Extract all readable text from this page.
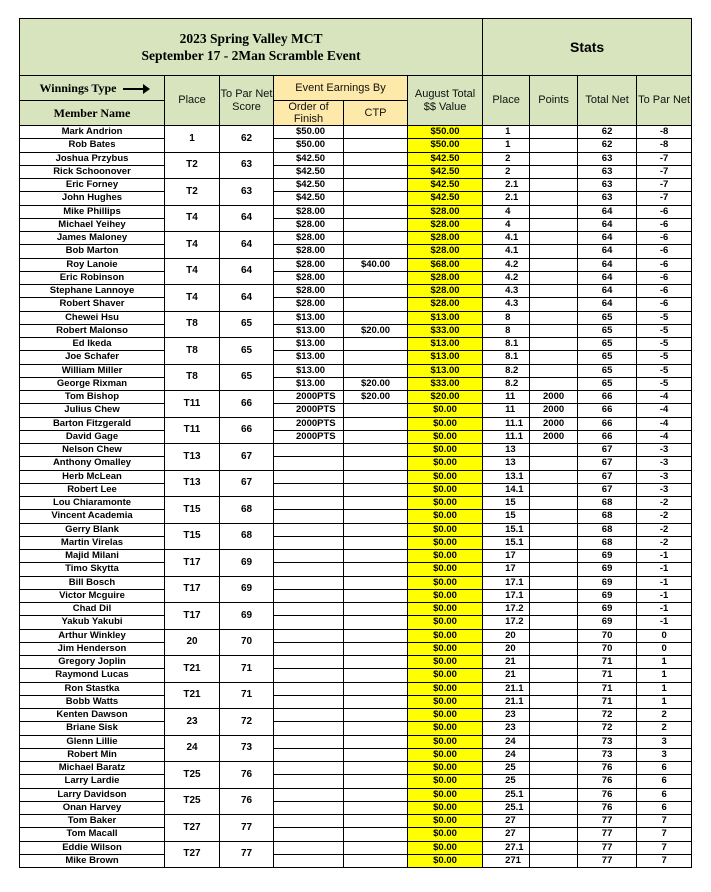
2023 Spring Valley MCT
September 17 - 2Man Scramble Event						Stats			
Winnings Type	Place	To Par Net Score	Event Earnings By		August Total $$ Value	Place	Points	Total Net	To Par Net
Member Name			Order of Finish	CTP					
Mark Andrion	1	62	$50.00		$50.00	1		62	-8
Rob Bates			$50.00		$50.00	1		62	-8
Joshua Przybus	T2	63	$42.50		$42.50	2		63	-7
Rick Schoonover			$42.50		$42.50	2		63	-7
Eric Forney	T2	63	$42.50		$42.50	2.1		63	-7
John Hughes			$42.50		$42.50	2.1		63	-7
Mike Phillips	T4	64	$28.00		$28.00	4		64	-6
Michael Yeihey			$28.00		$28.00	4		64	-6
James Maloney	T4	64	$28.00		$28.00	4.1		64	-6
Bob Marton			$28.00		$28.00	4.1		64	-6
Roy Lanoie	T4	64	$28.00	$40.00	$68.00	4.2		64	-6
Eric Robinson			$28.00		$28.00	4.2		64	-6
Stephane Lannoye	T4	64	$28.00		$28.00	4.3		64	-6
Robert Shaver			$28.00		$28.00	4.3		64	-6
Chewei Hsu	T8	65	$13.00		$13.00	8		65	-5
Robert Malonso			$13.00	$20.00	$33.00	8		65	-5
Ed Ikeda	T8	65	$13.00		$13.00	8.1		65	-5
Joe Schafer			$13.00		$13.00	8.1		65	-5
William Miller	T8	65	$13.00		$13.00	8.2		65	-5
George Rixman			$13.00	$20.00	$33.00	8.2		65	-5
Tom Bishop	T11	66	2000PTS	$20.00	$20.00	11	2000	66	-4
Julius Chew			2000PTS		$0.00	11	2000	66	-4
Barton Fitzgerald	T11	66	2000PTS		$0.00	11.1	2000	66	-4
David Gage			2000PTS		$0.00	11.1	2000	66	-4
Nelson Chew	T13	67			$0.00	13		67	-3
Anthony Omalley					$0.00	13		67	-3
Herb McLean	T13	67			$0.00	13.1		67	-3
Robert Lee					$0.00	14.1		67	-3
Lou Chiaramonte	T15	68			$0.00	15		68	-2
Vincent Academia					$0.00	15		68	-2
Gerry Blank	T15	68			$0.00	15.1		68	-2
Martin Virelas					$0.00	15.1		68	-2
Majid Milani	T17	69			$0.00	17		69	-1
Timo Skytta					$0.00	17		69	-1
Bill Bosch	T17	69			$0.00	17.1		69	-1
Victor Mcguire					$0.00	17.1		69	-1
Chad Dil	T17	69			$0.00	17.2		69	-1
Yakub Yakubi					$0.00	17.2		69	-1
Arthur Winkley	20	70			$0.00	20		70	0
Jim Henderson					$0.00	20		70	0
Gregory Joplin	T21	71			$0.00	21		71	1
Raymond Lucas					$0.00	21		71	1
Ron Stastka	T21	71			$0.00	21.1		71	1
Bobb Watts					$0.00	21.1		71	1
Kenten Dawson	23	72			$0.00	23		72	2
Briane Sisk					$0.00	23		72	2
Glenn Lillie	24	73			$0.00	24		73	3
Robert Min					$0.00	24		73	3
Michael Baratz	T25	76			$0.00	25		76	6
Larry Lardie					$0.00	25		76	6
Larry Davidson	T25	76			$0.00	25.1		76	6
Onan Harvey					$0.00	25.1		76	6
Tom Baker	T27	77			$0.00	27		77	7
Tom Macall					$0.00	27		77	7
Eddie Wilson	T27	77			$0.00	27.1		77	7
Mike Brown					$0.00	271		77	7
